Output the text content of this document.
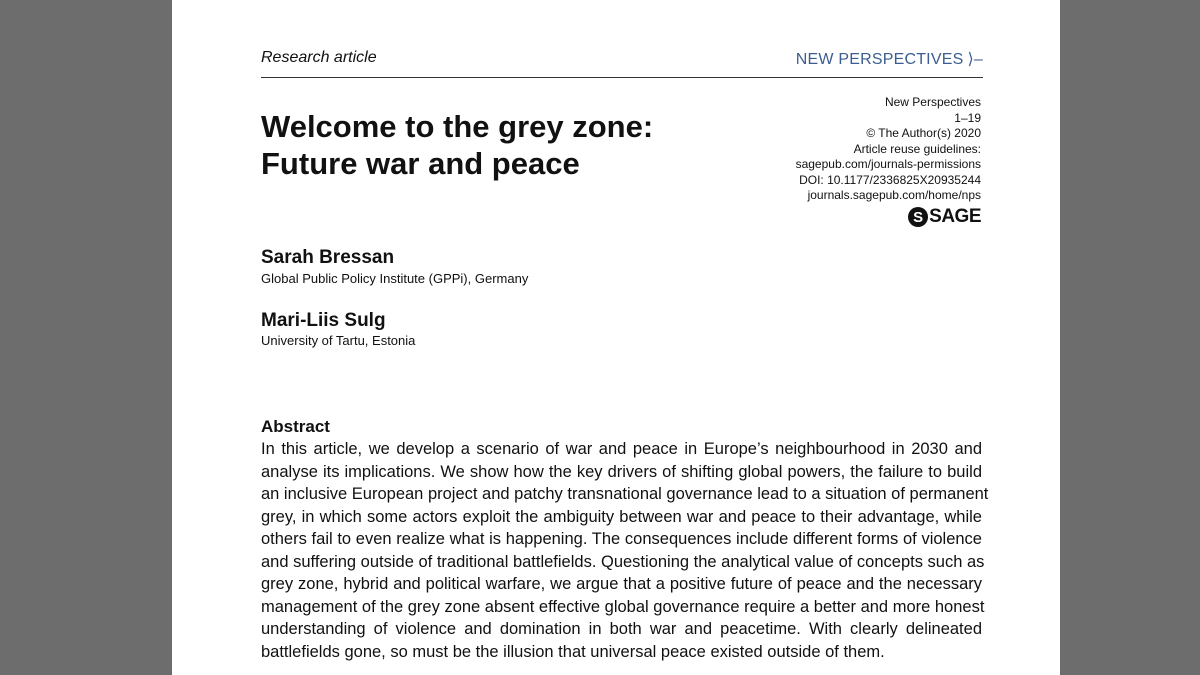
Research article	NEW PERSPECTIVES ⟩–
Welcome to the grey zone:
Future war and peace
New Perspectives
1–19
© The Author(s) 2020
Article reuse guidelines:
sagepub.com/journals-permissions
DOI: 10.1177/2336825X20935244
journals.sagepub.com/home/nps
S SAGE
Sarah Bressan
Global Public Policy Institute (GPPi), Germany
Mari-Liis Sulg
University of Tartu, Estonia
Abstract
In this article, we develop a scenario of war and peace in Europe’s neighbourhood in 2030 and
analyse its implications. We show how the key drivers of shifting global powers, the failure to build
an inclusive European project and patchy transnational governance lead to a situation of permanent
grey, in which some actors exploit the ambiguity between war and peace to their advantage, while
others fail to even realize what is happening. The consequences include different forms of violence
and suffering outside of traditional battlefields. Questioning the analytical value of concepts such as
grey zone, hybrid and political warfare, we argue that a positive future of peace and the necessary
management of the grey zone absent effective global governance require a better and more honest
understanding of violence and domination in both war and peacetime. With clearly delineated
battlefields gone, so must be the illusion that universal peace existed outside of them.
